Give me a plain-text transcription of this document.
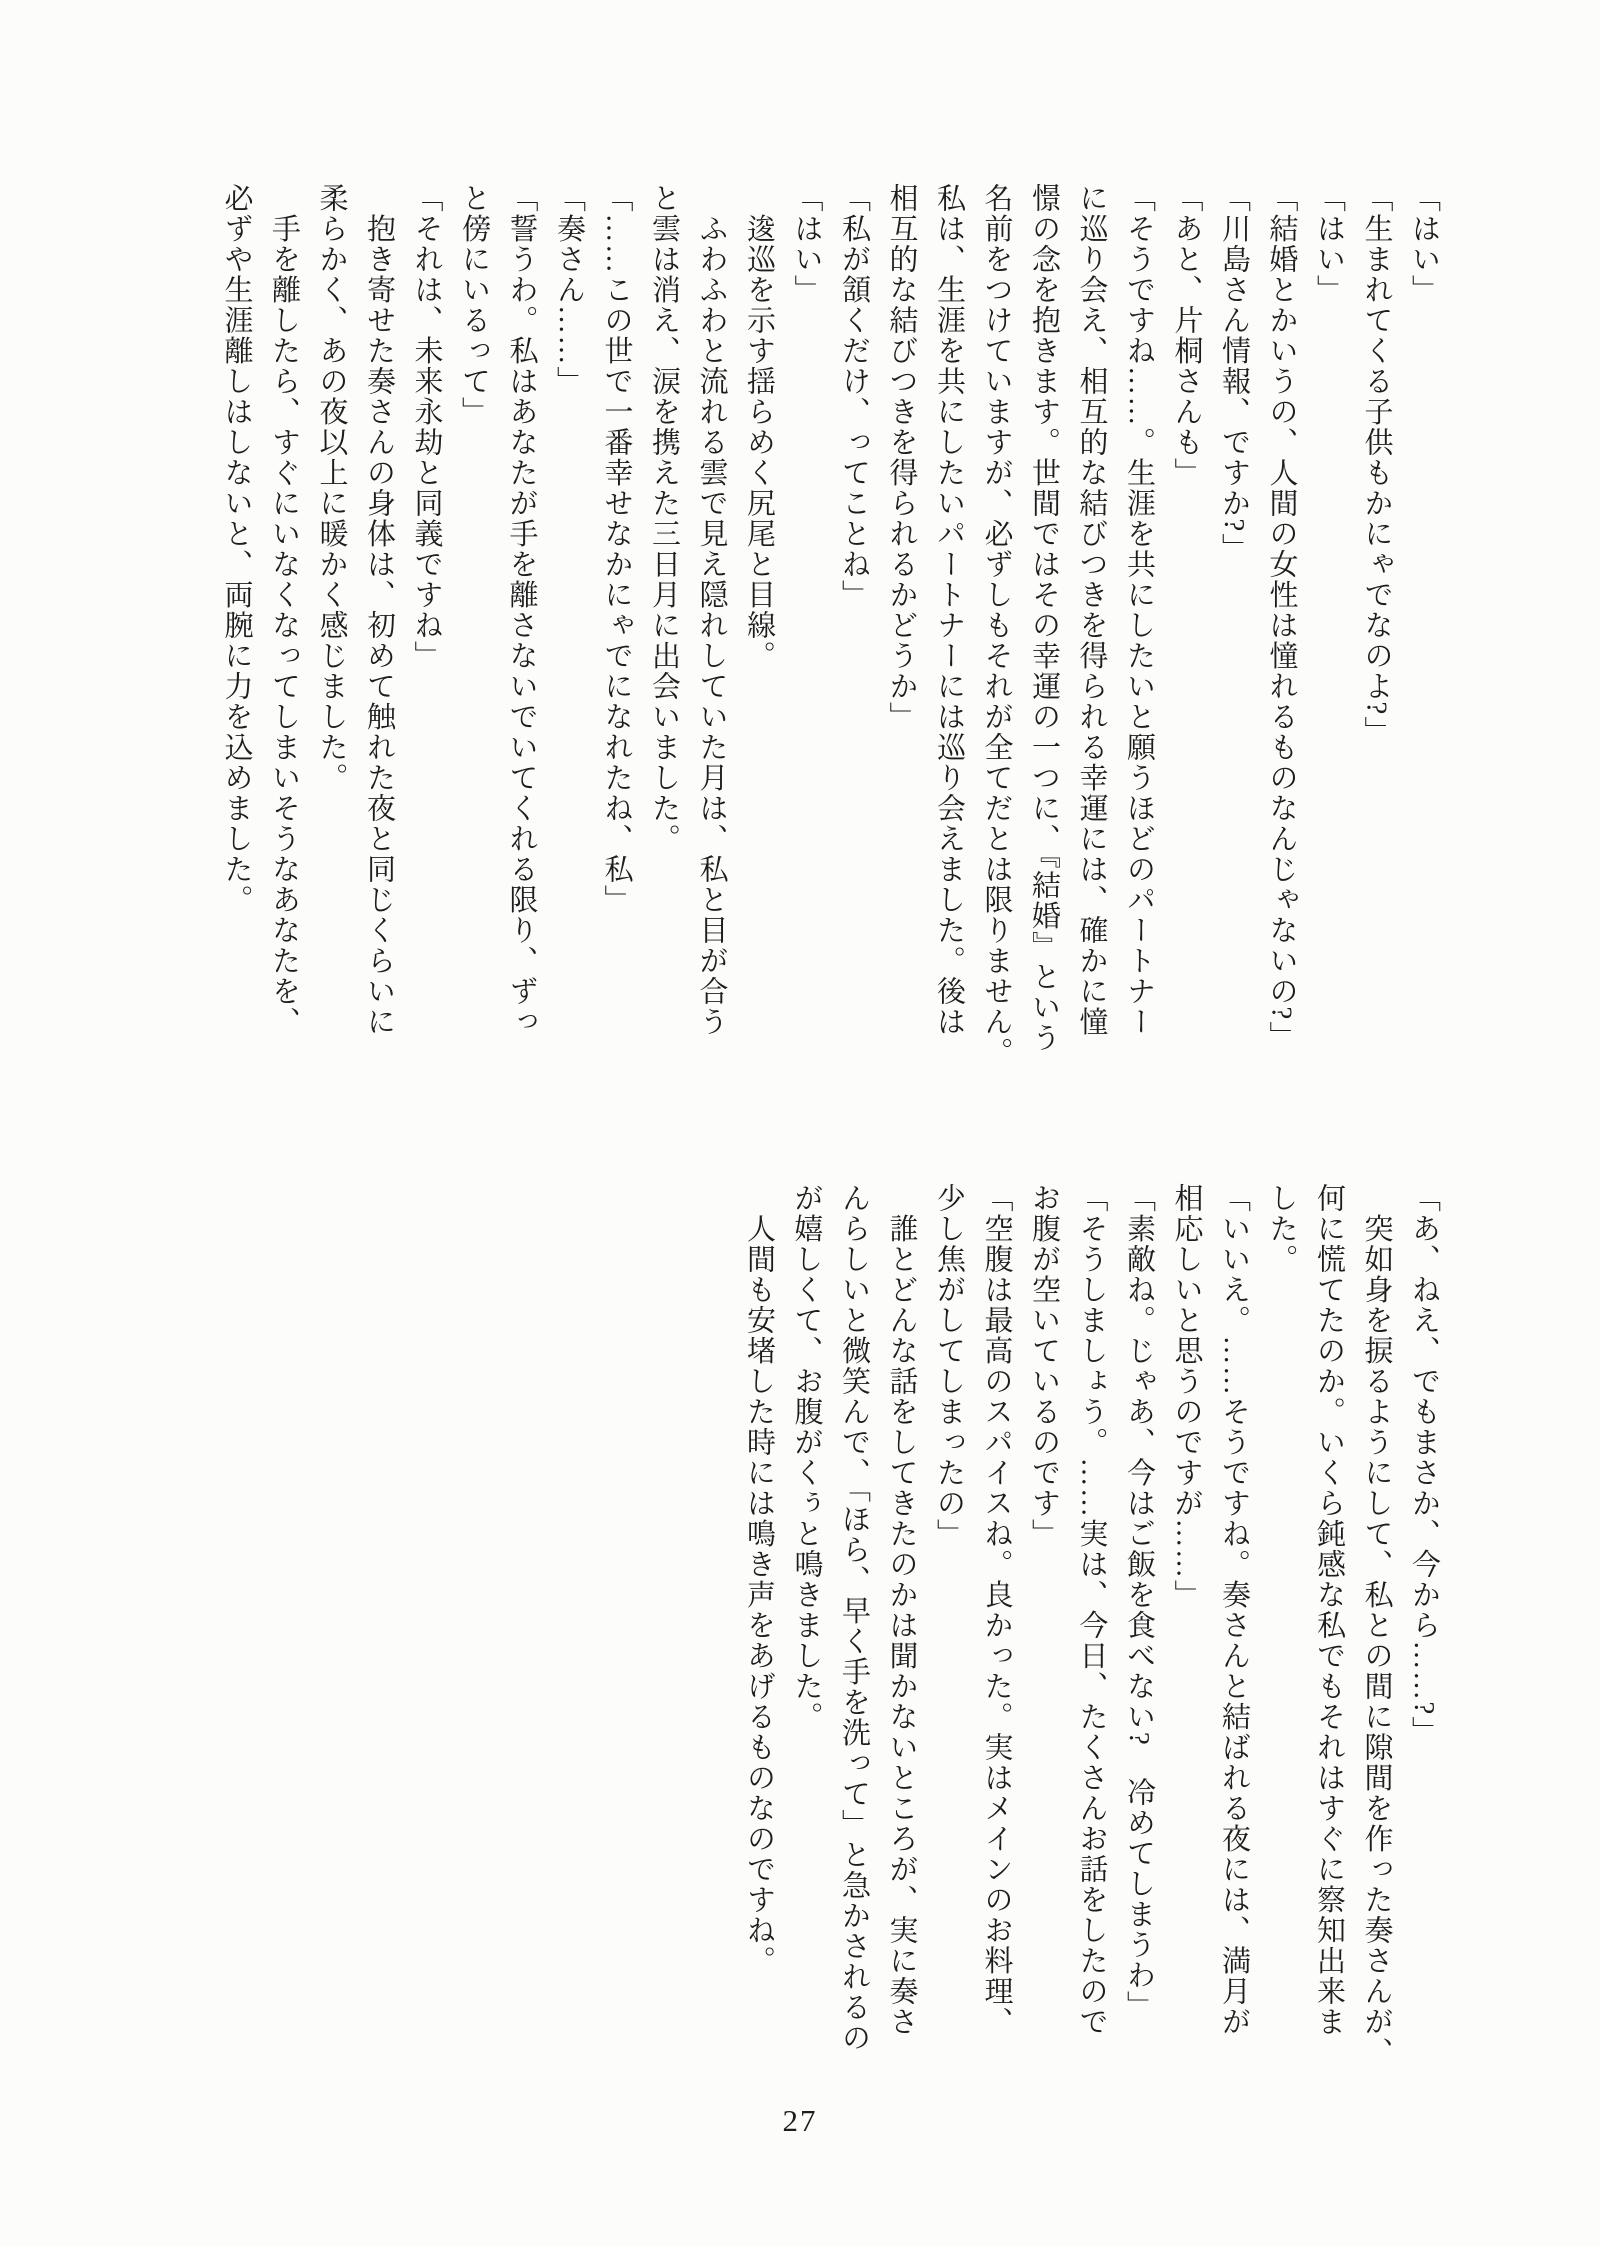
「はい」

「生まれてくる子供もかにゃでなのよ?」

「はい」

「結婚とかいうの、人間の女性は憧れるものなんじゃないの?」

「川島さん情報、ですか?」

「あと、片桐さんも」

「そうですね……。生涯を共にしたいと願うほどのパートナー

に巡り会え、相互的な結びつきを得られる幸運には、確かに憧

憬の念を抱きます。世間ではその幸運の一つに、『結婚』という

名前をつけていますが、必ずしもそれが全てだとは限りません。

私は、生涯を共にしたいパートナーには巡り会えました。後は

相互的な結びつきを得られるかどうか」

「私が頷くだけ、ってことね」

「はい」

　逡巡を示す揺らめく尻尾と目線。

　ふわふわと流れる雲で見え隠れしていた月は、私と目が合う

と雲は消え、涙を携えた三日月に出会いました。

「……この世で一番幸せなかにゃでになれたね、私」

「奏さん……」

「誓うわ。私はあなたが手を離さないでいてくれる限り、ずっ

と傍にいるって」

「それは、未来永劫と同義ですね」

　抱き寄せた奏さんの身体は、初めて触れた夜と同じくらいに

柔らかく、あの夜以上に暖かく感じました。

　手を離したら、すぐにいなくなってしまいそうなあなたを、

必ずや生涯離しはしないと、両腕に力を込めました。

「あ、ねえ、でもまさか、今から……?」

　突如身を捩るようにして、私との間に隙間を作った奏さんが、

何に慌てたのか。いくら鈍感な私でもそれはすぐに察知出来ま

した。

「いいえ。……そうですね。奏さんと結ばれる夜には、満月が

相応しいと思うのですが……」

「素敵ね。じゃあ、今はご飯を食べない?　冷めてしまうわ」

「そうしましょう。……実は、今日、たくさんお話をしたので

お腹が空いているのです」

「空腹は最高のスパイスね。良かった。実はメインのお料理、

少し焦がしてしまったの」

　誰とどんな話をしてきたのかは聞かないところが、実に奏さ

んらしいと微笑んで、「ほら、早く手を洗って」と急かされるの

が嬉しくて、お腹がくぅと鳴きました。

　人間も安堵した時には鳴き声をあげるものなのですね。

27
